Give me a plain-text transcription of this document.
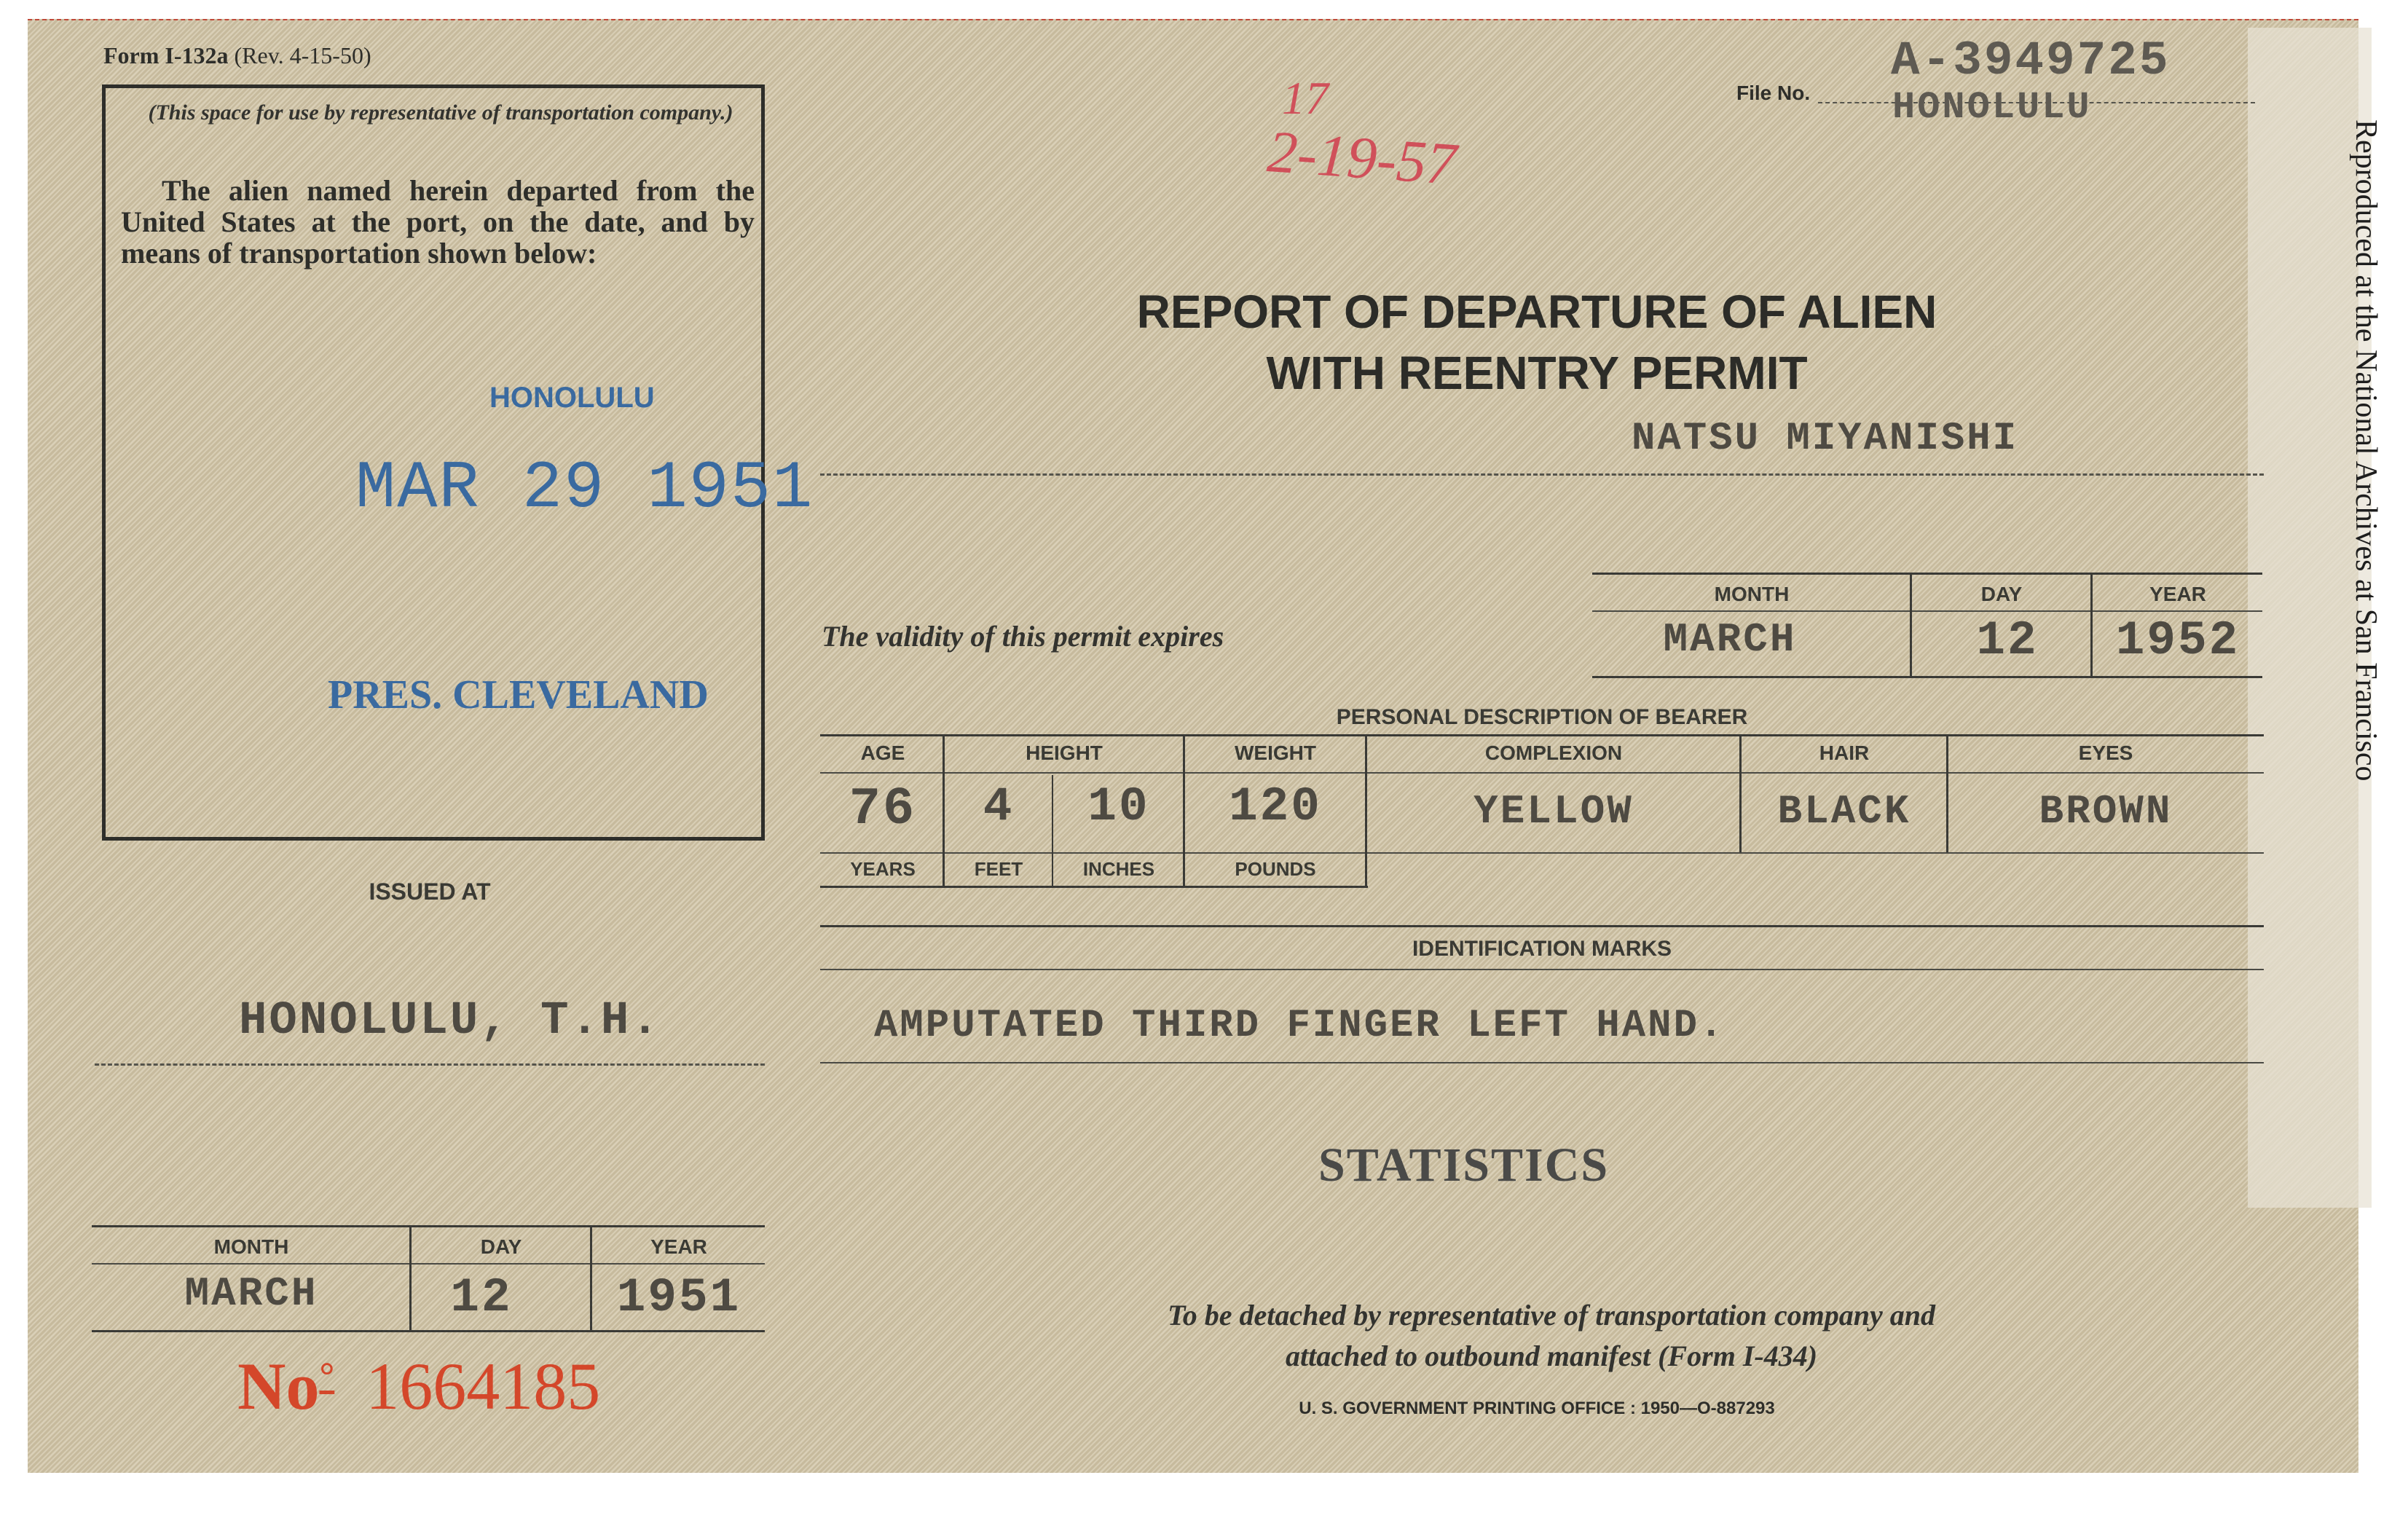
Form I-132a (Rev. 4-15-50)
(This space for use by representative of transportation company.)
The alien named herein departed from the United States at the port, on the date, and by means of transportation shown below:
HONOLULU
MAR 29 1951
PRES. CLEVELAND
ISSUED AT
HONOLULU, T.H.
MONTH	DAY	YEAR
MARCH	12	1951
No° 1664185
17
2-19-57
File No.
A-3949725
HONOLULU
REPORT OF DEPARTURE OF ALIEN
WITH REENTRY PERMIT
NATSU MIYANISHI
The validity of this permit expires
MONTH	DAY	YEAR
MARCH	12	1952
PERSONAL DESCRIPTION OF BEARER
AGE	HEIGHT	WEIGHT	COMPLEXION	HAIR	EYES
76	4	10	120	YELLOW	BLACK	BROWN
YEARS	FEET	INCHES	POUNDS
IDENTIFICATION MARKS
AMPUTATED THIRD FINGER LEFT HAND.
STATISTICS
To be detached by representative of transportation company and
attached to outbound manifest (Form I-434)
U. S. GOVERNMENT PRINTING OFFICE : 1950—O-887293
Reproduced at the National Archives at San Francisco
